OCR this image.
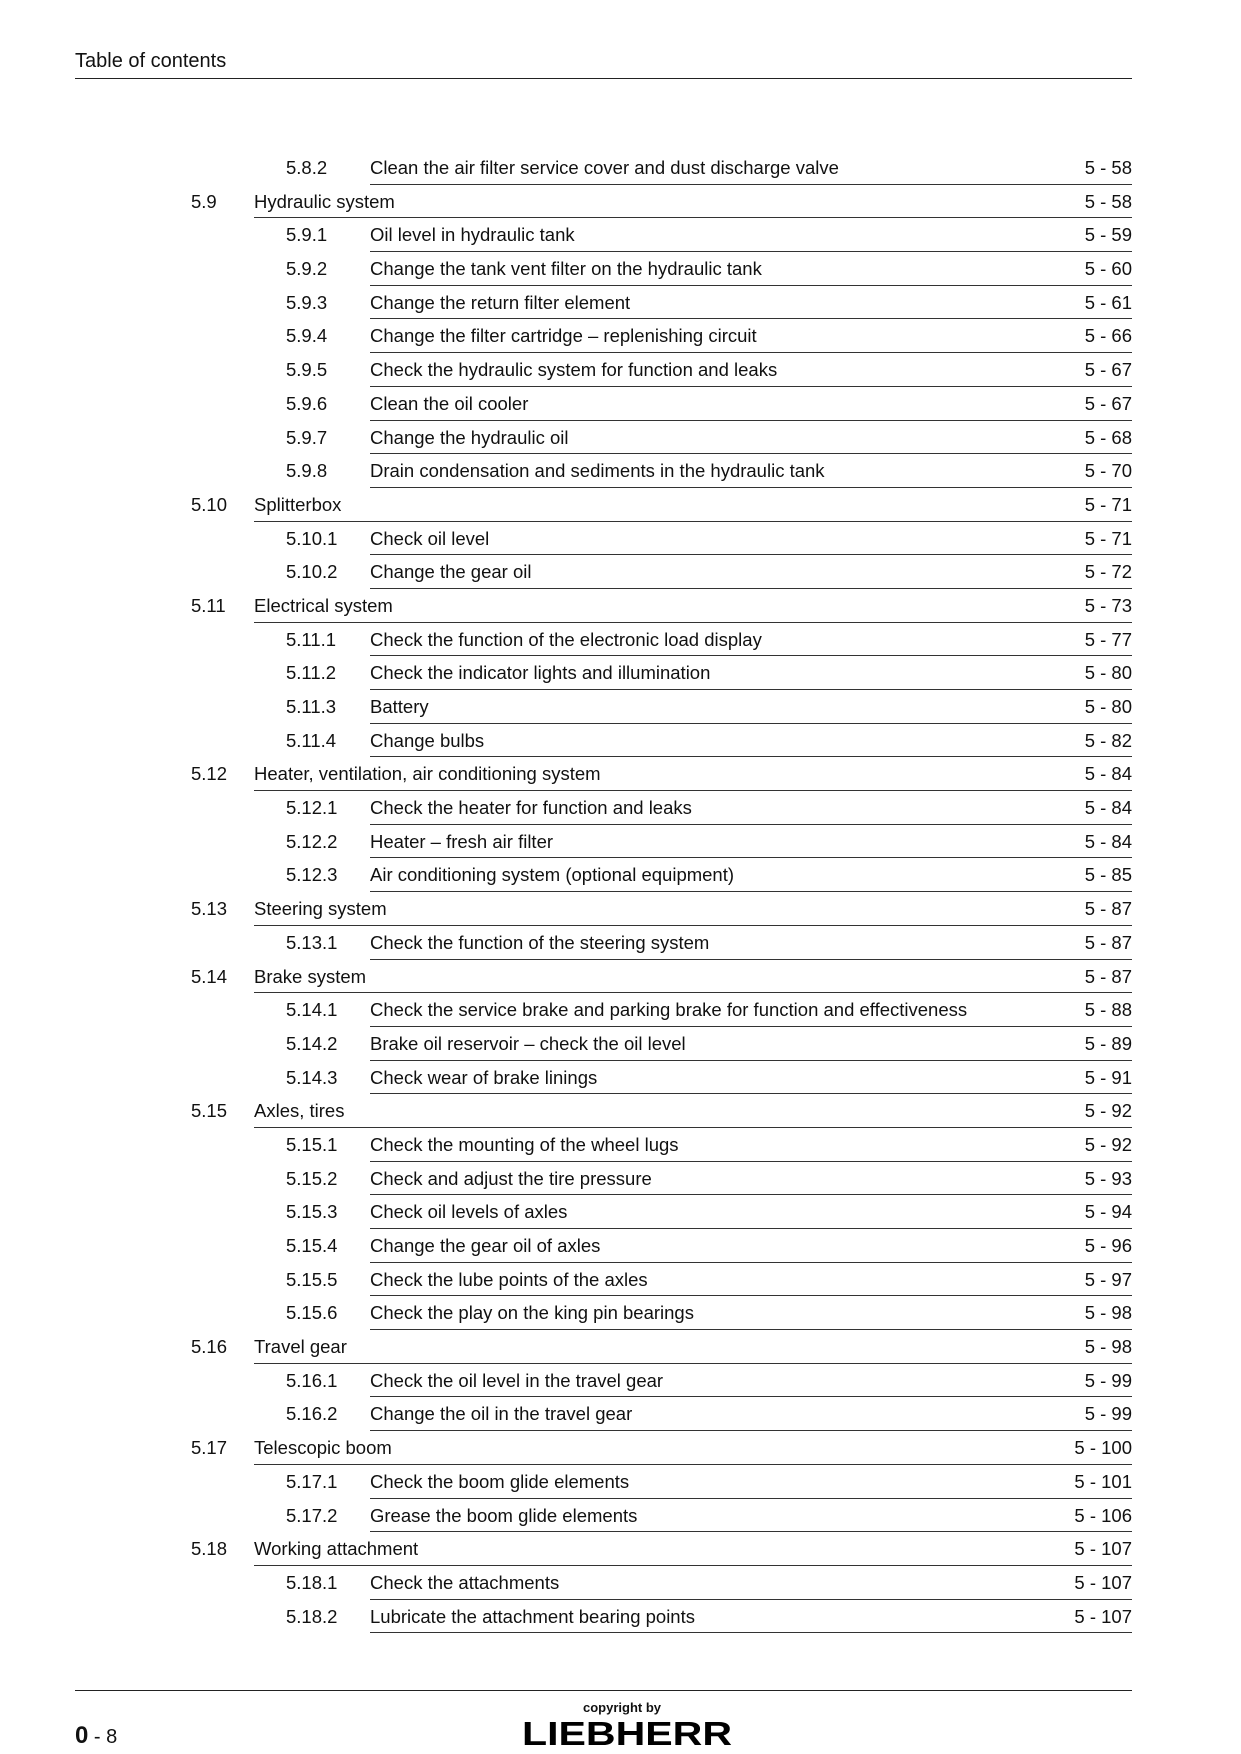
Table of contents
5.8.2 Clean the air filter service cover and dust discharge valve	5 - 58
5.9 Hydraulic system	5 - 58
5.9.1 Oil level in hydraulic tank	5 - 59
5.9.2 Change the tank vent filter on the hydraulic tank	5 - 60
5.9.3 Change the return filter element	5 - 61
5.9.4 Change the filter cartridge – replenishing circuit	5 - 66
5.9.5 Check the hydraulic system for function and leaks	5 - 67
5.9.6 Clean the oil cooler	5 - 67
5.9.7 Change the hydraulic oil	5 - 68
5.9.8 Drain condensation and sediments in the hydraulic tank	5 - 70
5.10 Splitterbox	5 - 71
5.10.1 Check oil level	5 - 71
5.10.2 Change the gear oil	5 - 72
5.11 Electrical system	5 - 73
5.11.1 Check the function of the electronic load display	5 - 77
5.11.2 Check the indicator lights and illumination	5 - 80
5.11.3 Battery	5 - 80
5.11.4 Change bulbs	5 - 82
5.12 Heater, ventilation, air conditioning system	5 - 84
5.12.1 Check the heater for function and leaks	5 - 84
5.12.2 Heater – fresh air filter	5 - 84
5.12.3 Air conditioning system (optional equipment)	5 - 85
5.13 Steering system	5 - 87
5.13.1 Check the function of the steering system	5 - 87
5.14 Brake system	5 - 87
5.14.1 Check the service brake and parking brake for function and effectiveness	5 - 88
5.14.2 Brake oil reservoir – check the oil level	5 - 89
5.14.3 Check wear of brake linings	5 - 91
5.15 Axles, tires	5 - 92
5.15.1 Check the mounting of the wheel lugs	5 - 92
5.15.2 Check and adjust the tire pressure	5 - 93
5.15.3 Check oil levels of axles	5 - 94
5.15.4 Change the gear oil of axles	5 - 96
5.15.5 Check the lube points of the axles	5 - 97
5.15.6 Check the play on the king pin bearings	5 - 98
5.16 Travel gear	5 - 98
5.16.1 Check the oil level in the travel gear	5 - 99
5.16.2 Change the oil in the travel gear	5 - 99
5.17 Telescopic boom	5 - 100
5.17.1 Check the boom glide elements	5 - 101
5.17.2 Grease the boom glide elements	5 - 106
5.18 Working attachment	5 - 107
5.18.1 Check the attachments	5 - 107
5.18.2 Lubricate the attachment bearing points	5 - 107
0 - 8
copyright by
LIEBHERR
